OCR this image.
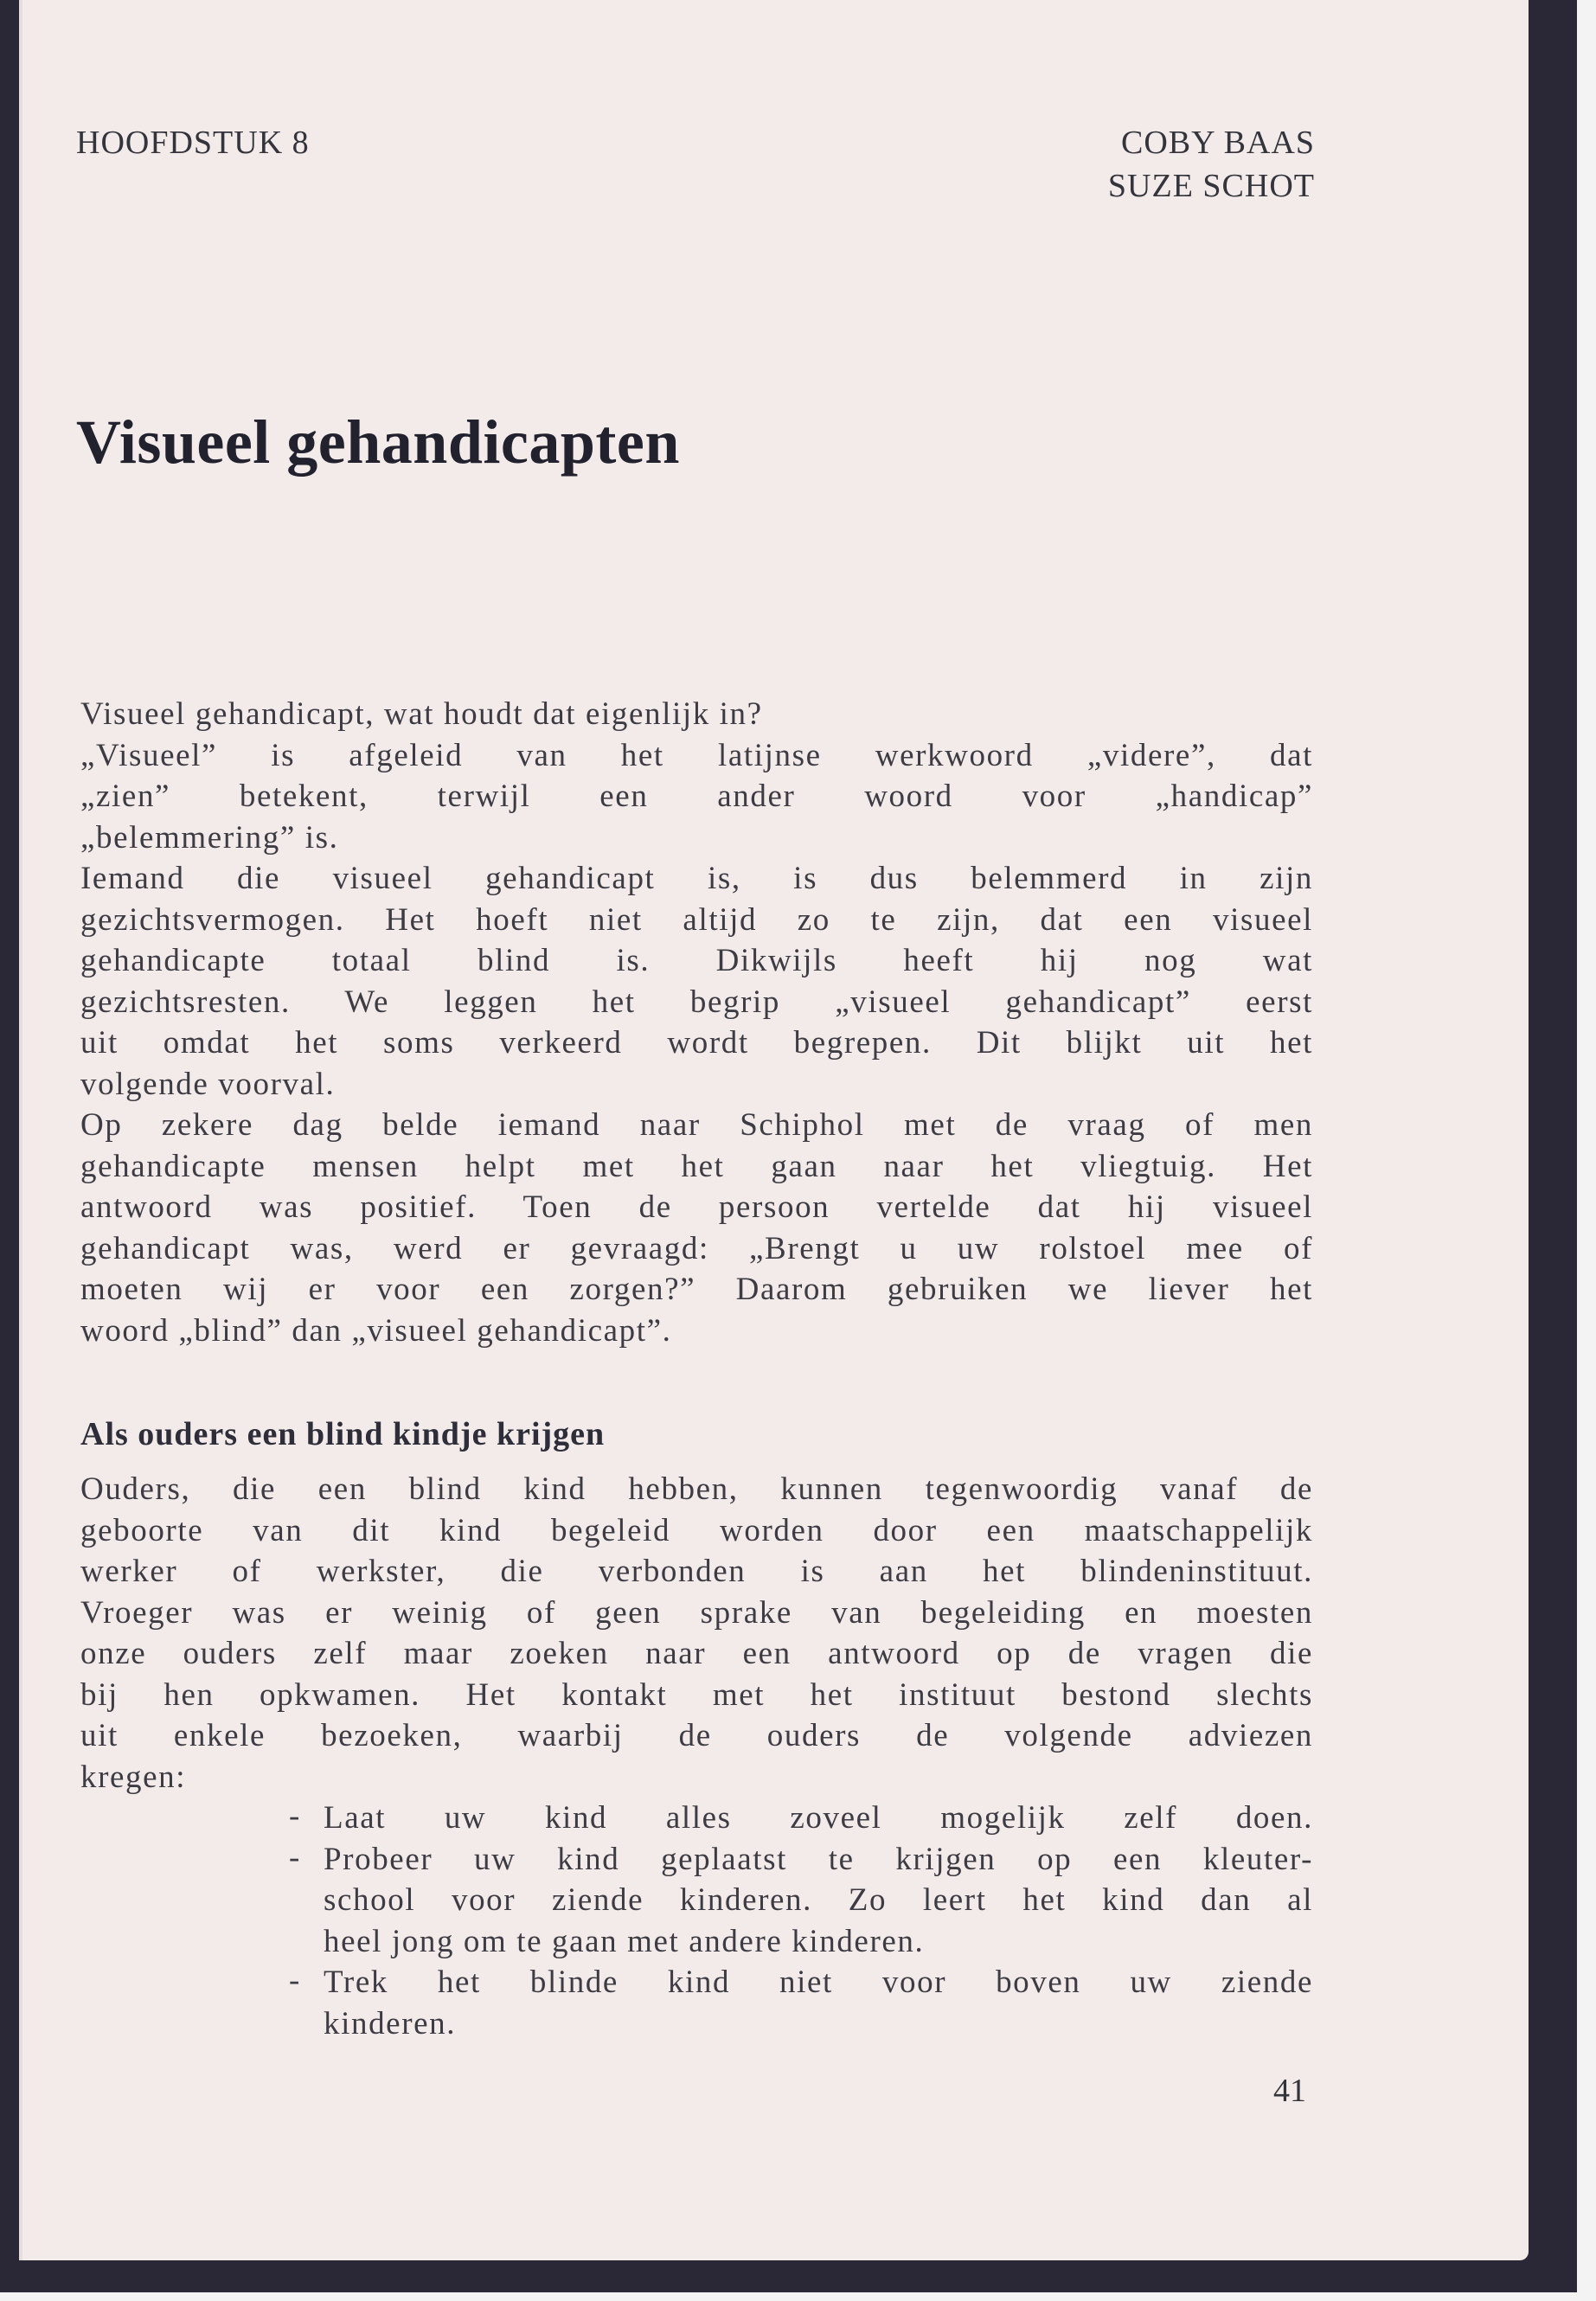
HOOFDSTUK 8	COBY BAAS
SUZE SCHOT
Visueel gehandicapten
Visueel gehandicapt, wat houdt dat eigenlijk in?
„Visueel” is afgeleid van het latijnse werkwoord „videre”, dat
„zien” betekent, terwijl een ander woord voor „handicap”
„belemmering” is.
Iemand die visueel gehandicapt is, is dus belemmerd in zijn
gezichtsvermogen. Het hoeft niet altijd zo te zijn, dat een visueel
gehandicapte totaal blind is. Dikwijls heeft hij nog wat
gezichtsresten. We leggen het begrip „visueel gehandicapt” eerst
uit omdat het soms verkeerd wordt begrepen. Dit blijkt uit het
volgende voorval.
Op zekere dag belde iemand naar Schiphol met de vraag of men
gehandicapte mensen helpt met het gaan naar het vliegtuig. Het
antwoord was positief. Toen de persoon vertelde dat hij visueel
gehandicapt was, werd er gevraagd: „Brengt u uw rolstoel mee of
moeten wij er voor een zorgen?” Daarom gebruiken we liever het
woord „blind” dan „visueel gehandicapt”.
Als ouders een blind kindje krijgen
Ouders, die een blind kind hebben, kunnen tegenwoordig vanaf de
geboorte van dit kind begeleid worden door een maatschappelijk
werker of werkster, die verbonden is aan het blindeninstituut.
Vroeger was er weinig of geen sprake van begeleiding en moesten
onze ouders zelf maar zoeken naar een antwoord op de vragen die
bij hen opkwamen. Het kontakt met het instituut bestond slechts
uit enkele bezoeken, waarbij de ouders de volgende adviezen
kregen:
- Laat uw kind alles zoveel mogelijk zelf doen.
- Probeer uw kind geplaatst te krijgen op een kleuter-
school voor ziende kinderen. Zo leert het kind dan al
heel jong om te gaan met andere kinderen.
- Trek het blinde kind niet voor boven uw ziende
kinderen.
41
